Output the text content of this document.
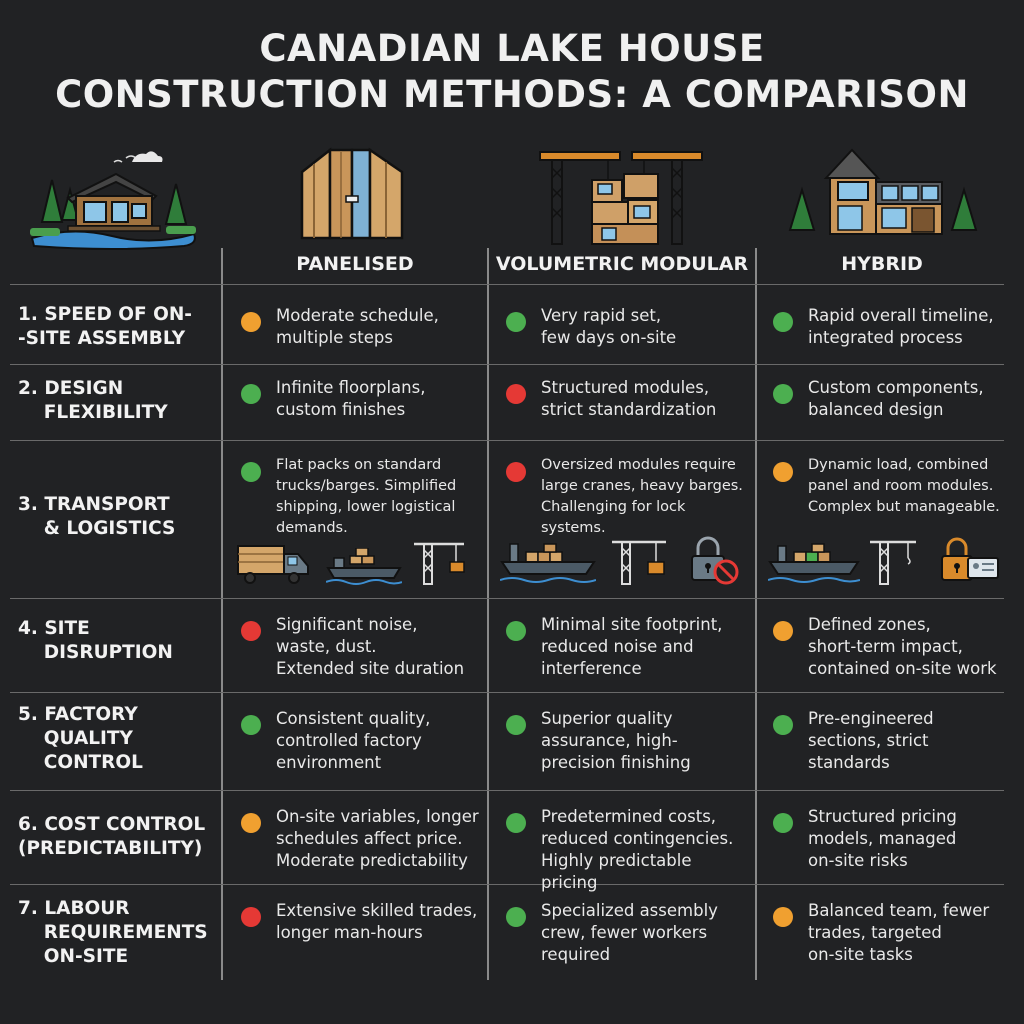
CANADIAN LAKE HOUSE
CONSTRUCTION METHODS: A COMPARISON
PANELISED	VOLUMETRIC MODULAR	HYBRID
1. SPEED OF ON-
-SITE ASSEMBLY
Moderate schedule,
multiple steps
Very rapid set,
few days on-site
Rapid overall timeline,
integrated process
2. DESIGN
FLEXIBILITY
Infinite floorplans,
custom finishes
Structured modules,
strict standardization
Custom components,
balanced design
3. TRANSPORT
& LOGISTICS
Flat packs on standard
trucks/barges. Simplified
shipping, lower logistical
demands.
Oversized modules require
large cranes, heavy barges.
Challenging for lock systems.
Dynamic load, combined
panel and room modules.
Complex but manageable.
4. SITE
DISRUPTION
Significant noise,
waste, dust.
Extended site duration
Minimal site footprint,
reduced noise and
interference
Defined zones,
short-term impact,
contained on-site work
5. FACTORY
QUALITY
CONTROL
Consistent quality,
controlled factory
environment
Superior quality
assurance, high-
precision finishing
Pre-engineered
sections, strict
standards
6. COST CONTROL
(PREDICTABILITY)
On-site variables, longer
schedules affect price.
Moderate predictability
Predetermined costs,
reduced contingencies.
Highly predictable pricing
Structured pricing
models, managed
on-site risks
7. LABOUR
REQUIREMENTS
ON-SITE
Extensive skilled trades,
longer man-hours
Specialized assembly
crew, fewer workers
required
Balanced team, fewer
trades, targeted
on-site tasks
